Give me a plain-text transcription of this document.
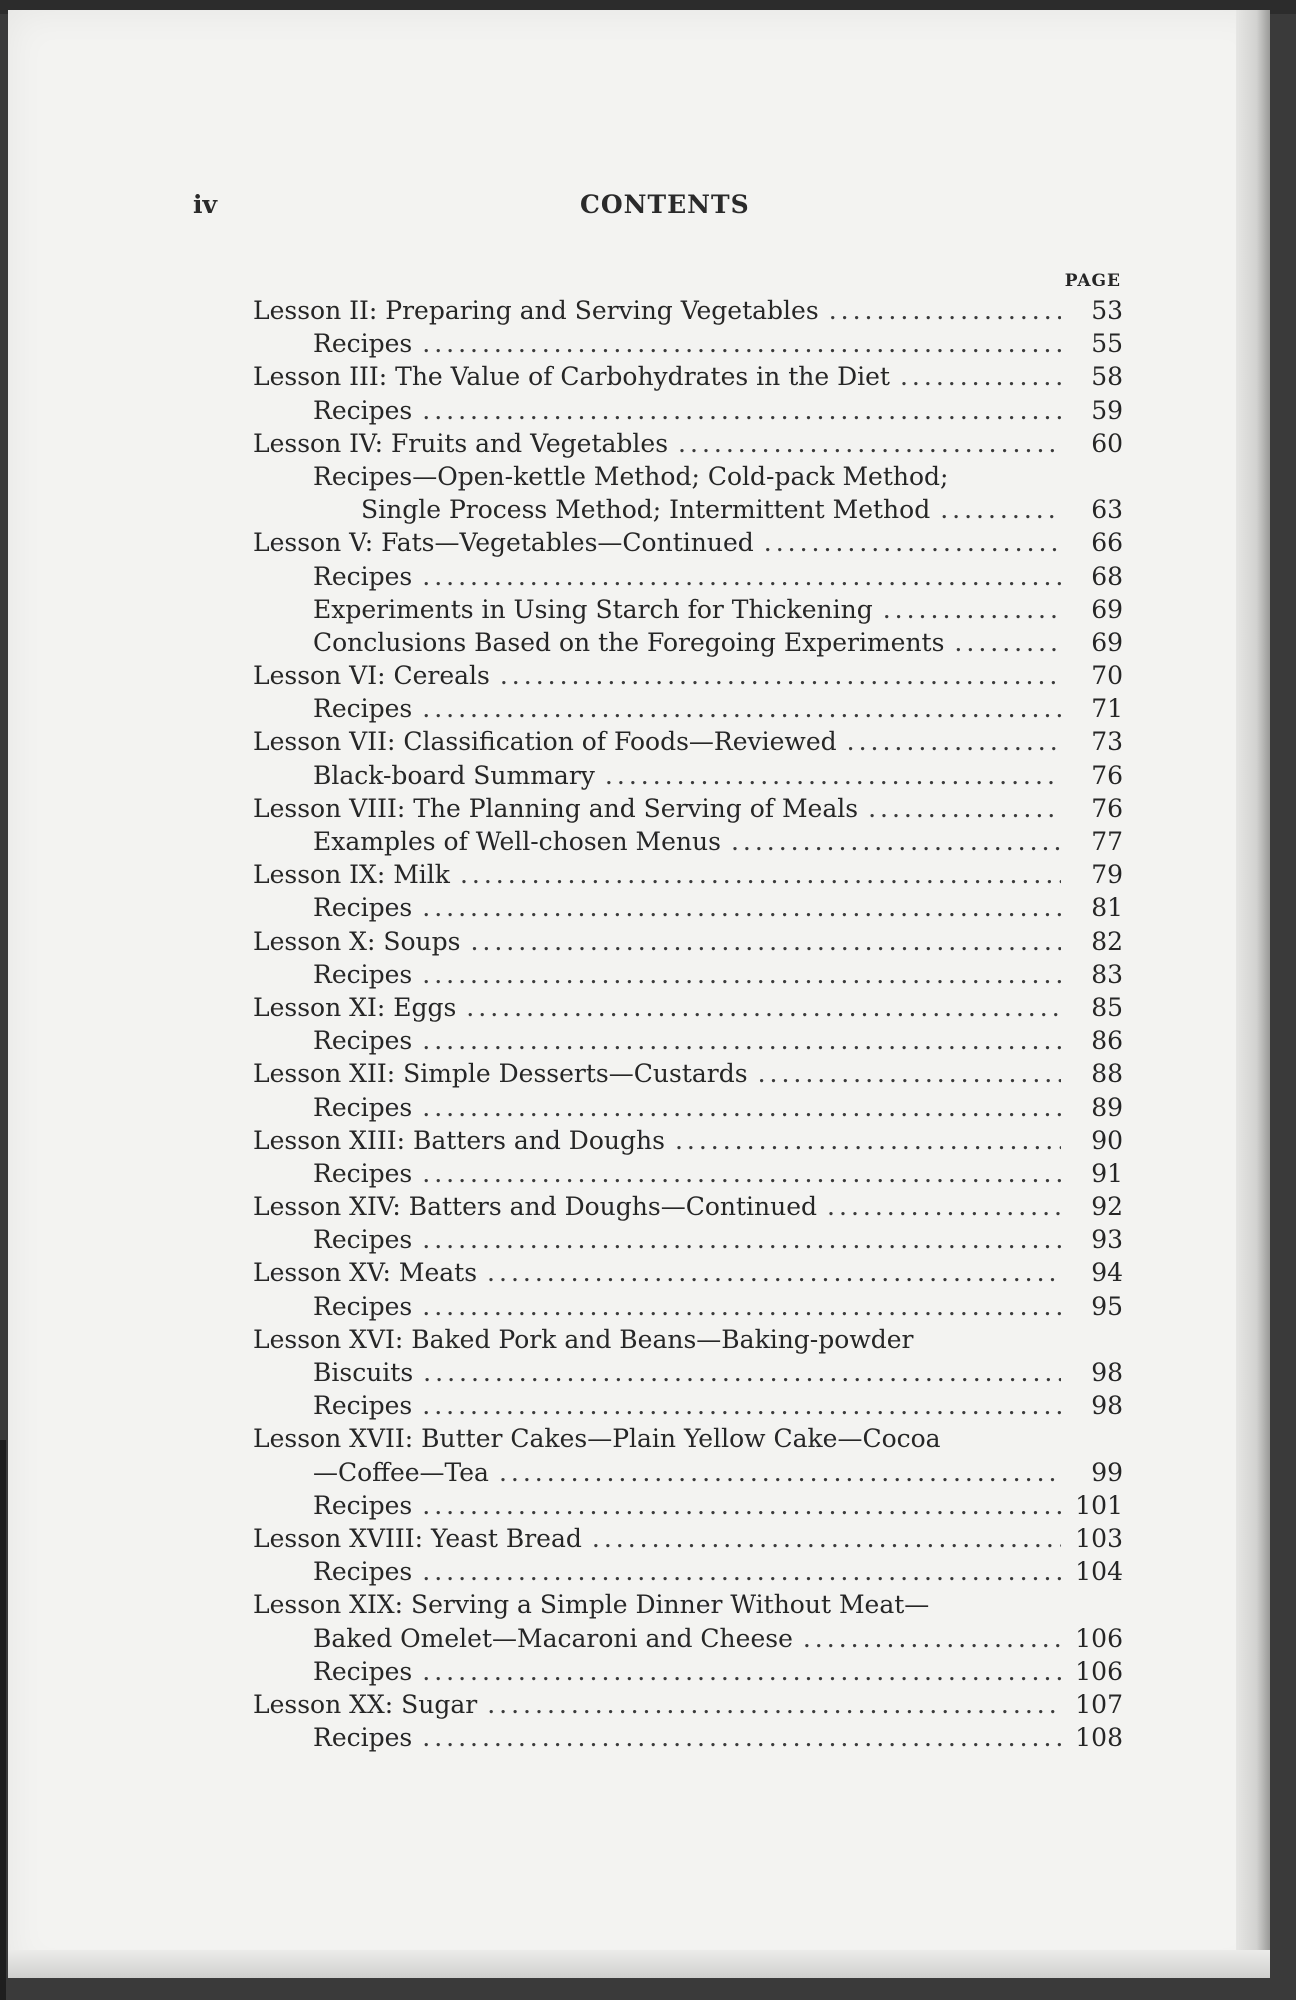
iv	CONTENTS
PAGE
Lesson II: Preparing and Serving Vegetables .....	53
Recipes .....	55
Lesson III: The Value of Carbohydrates in the Diet .....	58
Recipes .....	59
Lesson IV: Fruits and Vegetables .....	60
Recipes—Open-kettle Method; Cold-pack Method;
Single Process Method; Intermittent Method .....	63
Lesson V: Fats—Vegetables—Continued .....	66
Recipes .....	68
Experiments in Using Starch for Thickening .....	69
Conclusions Based on the Foregoing Experiments .....	69
Lesson VI: Cereals .....	70
Recipes .....	71
Lesson VII: Classification of Foods—Reviewed .....	73
Black-board Summary .....	76
Lesson VIII: The Planning and Serving of Meals .....	76
Examples of Well-chosen Menus .....	77
Lesson IX: Milk .....	79
Recipes .....	81
Lesson X: Soups .....	82
Recipes .....	83
Lesson XI: Eggs .....	85
Recipes .....	86
Lesson XII: Simple Desserts—Custards .....	88
Recipes .....	89
Lesson XIII: Batters and Doughs .....	90
Recipes .....	91
Lesson XIV: Batters and Doughs—Continued .....	92
Recipes .....	93
Lesson XV: Meats .....	94
Recipes .....	95
Lesson XVI: Baked Pork and Beans—Baking-powder
Biscuits .....	98
Recipes .....	98
Lesson XVII: Butter Cakes—Plain Yellow Cake—Cocoa
—Coffee—Tea .....	99
Recipes .....	101
Lesson XVIII: Yeast Bread .....	103
Recipes .....	104
Lesson XIX: Serving a Simple Dinner Without Meat—
Baked Omelet—Macaroni and Cheese .....	106
Recipes .....	106
Lesson XX: Sugar .....	107
Recipes .....	108
